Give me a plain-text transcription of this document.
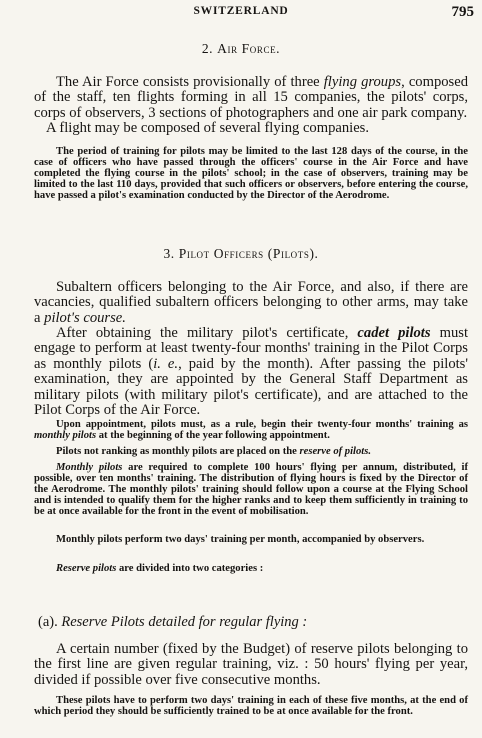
SWITZERLAND	795
2. Air Force.

The Air Force consists provisionally of three flying groups, composed of the staff, ten flights forming in all 15 companies, the pilots' corps, corps of observers, 3 sections of photographers and one air park company.

A flight may be composed of several flying companies.

The period of training for pilots may be limited to the last 128 days of the course, in the case of officers who have passed through the officers' course in the Air Force and have completed the flying course in the pilots' school; in the case of observers, training may be limited to the last 110 days, provided that such officers or observers, before entering the course, have passed a pilot's examination conducted by the Director of the Aerodrome.

3. Pilot Officers (Pilots).

Subaltern officers belonging to the Air Force, and also, if there are vacancies, qualified subaltern officers belonging to other arms, may take a pilot's course.

After obtaining the military pilot's certificate, cadet pilots must engage to perform at least twenty-four months' training in the Pilot Corps as monthly pilots (i. e., paid by the month). After passing the pilots' examination, they are appointed by the General Staff Department as military pilots (with military pilot's certificate), and are attached to the Pilot Corps of the Air Force.

Upon appointment, pilots must, as a rule, begin their twenty-four months' training as monthly pilots at the beginning of the year following appointment.

Pilots not ranking as monthly pilots are placed on the reserve of pilots.

Monthly pilots are required to complete 100 hours' flying per annum, distributed, if possible, over ten months' training. The distribution of flying hours is fixed by the Director of the Aerodrome. The monthly pilots' training should follow upon a course at the Flying School and is intended to qualify them for the higher ranks and to keep them sufficiently in training to be at once available for the front in the event of mobilisation.

Monthly pilots perform two days' training per month, accompanied by observers.

Reserve pilots are divided into two categories :

(a). Reserve Pilots detailed for regular flying :

A certain number (fixed by the Budget) of reserve pilots belonging to the first line are given regular training, viz. : 50 hours' flying per year, divided if possible over five consecutive months.

These pilots have to perform two days' training in each of these five months, at the end of which period they should be sufficiently trained to be at once available for the front.
